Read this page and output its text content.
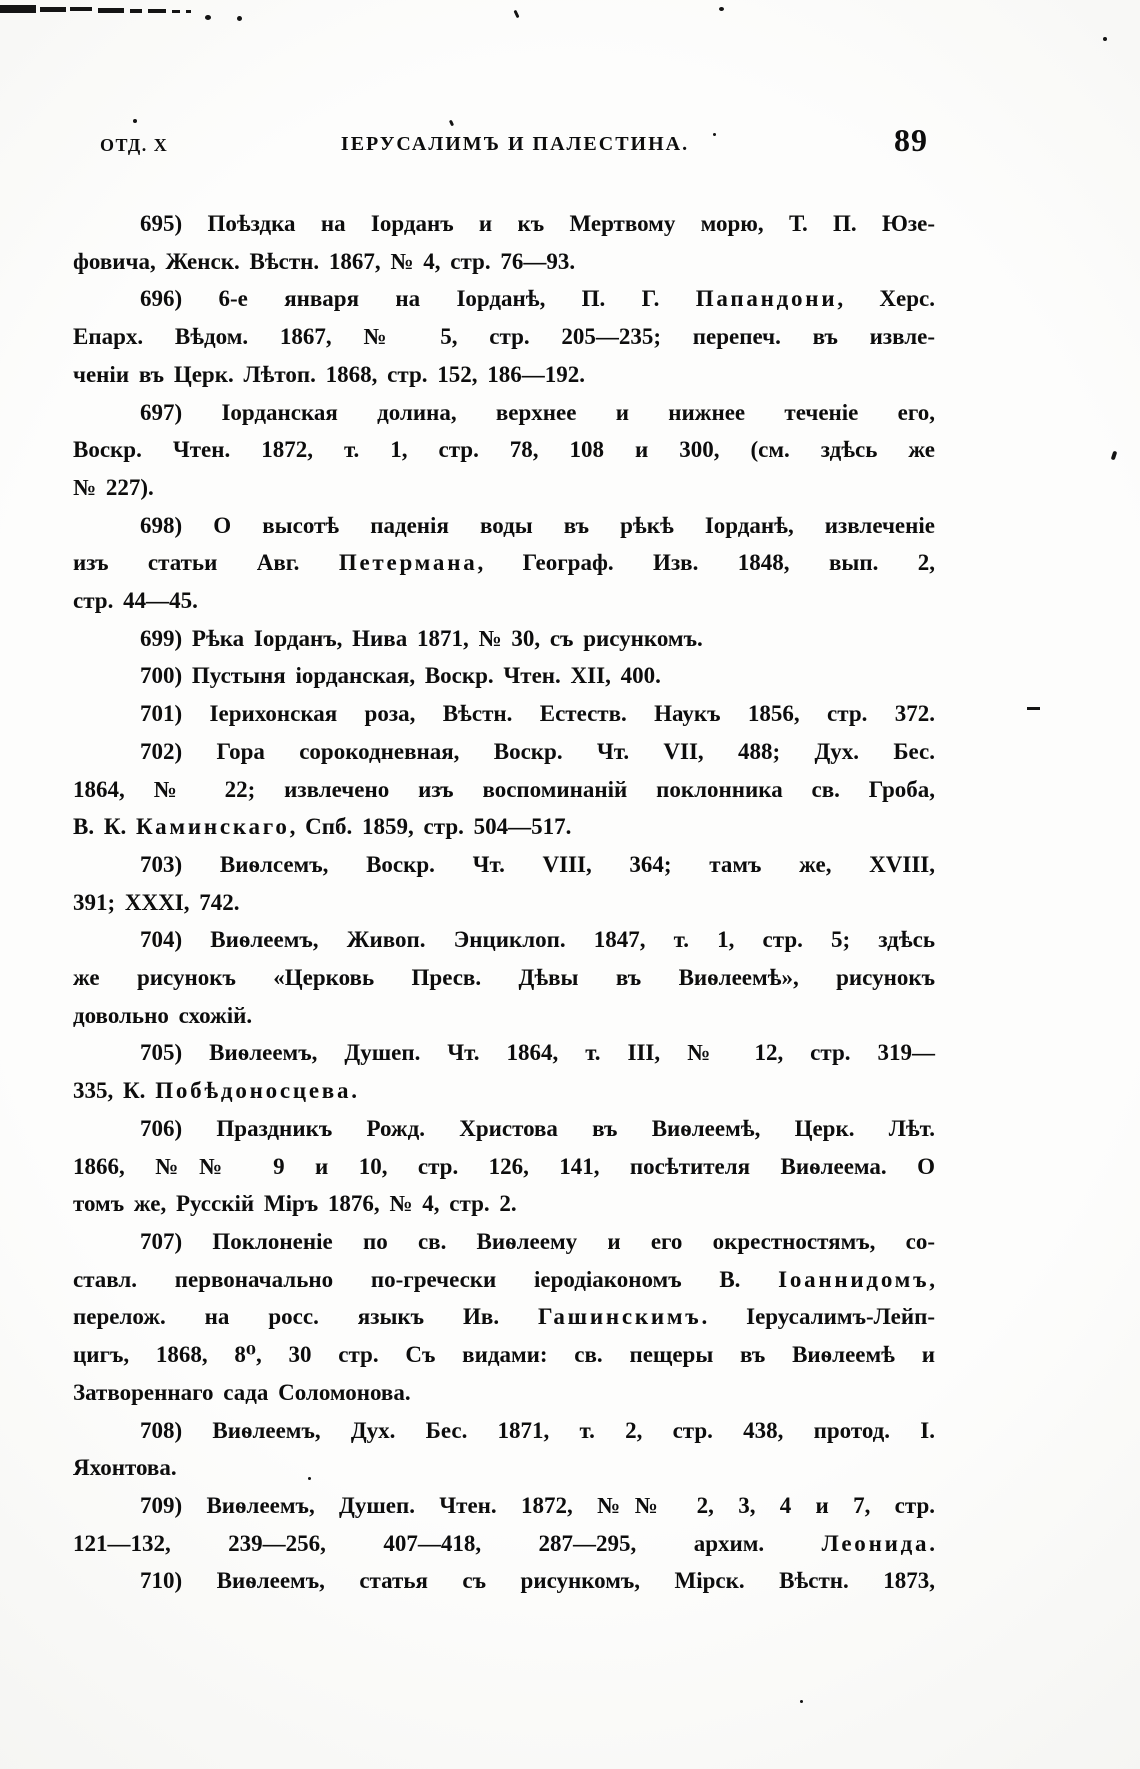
ОТД. X	ІЕРУСАЛИМЪ И ПАЛЕСТИНА.	89
695) Поѣздка на Іорданъ и къ Мертвому морю, Т. П. Юзе-
фовича, Женск. Вѣстн. 1867, № 4, стр. 76—93.
696) 6-е января на Іорданѣ, П. Г. Папандони, Херс.
Епарх. Вѣдом. 1867, № 5, стр. 205—235; перепеч. въ извле-
ченіи въ Церк. Лѣтоп. 1868, стр. 152, 186—192.
697) Іорданская долина, верхнее и нижнее теченіе его,
Воскр. Чтен. 1872, т. 1, стр. 78, 108 и 300, (см. здѣсь же
№ 227).
698) О высотѣ паденія воды въ рѣкѣ Іорданѣ, извлеченіе
изъ статьи Авг. Петермана, Географ. Изв. 1848, вып. 2,
стр. 44—45.
699) Рѣка Іорданъ, Нива 1871, № 30, съ рисункомъ.
700) Пустыня іорданская, Воскр. Чтен. XII, 400.
701) Іерихонская роза, Вѣстн. Естеств. Наукъ 1856, стр. 372.
702) Гора сорокодневная, Воскр. Чт. VII, 488; Дух. Бес.
1864, № 22; извлечено изъ воспоминаній поклонника св. Гроба,
В. К. Каминскаго, Спб. 1859, стр. 504—517.
703) Виѳлсемъ, Воскр. Чт. VIII, 364; тамъ же, XVIII,
391; XXXI, 742.
704) Виѳлеемъ, Живоп. Энциклоп. 1847, т. 1, стр. 5; здѣсь
же рисунокъ «Церковь Пресв. Дѣвы въ Виѳлеемѣ», рисунокъ
довольно схожій.
705) Виѳлеемъ, Душеп. Чт. 1864, т. III, № 12, стр. 319—
335, К. Побѣдоносцева.
706) Праздникъ Рожд. Христова въ Виѳлеемѣ, Церк. Лѣт.
1866, №№ 9 и 10, стр. 126, 141, посѣтителя Виѳлеема. О
томъ же, Русскій Міръ 1876, № 4, стр. 2.
707) Поклоненіе по св. Виѳлеему и его окрестностямъ, со-
ставл. первоначально по-гречески іеродіакономъ В. Іоаннидомъ,
перелож. на росс. языкъ Ив. Гашинскимъ. Іерусалимъ-Лейп-
цигъ, 1868, 8⁰, 30 стр. Съ видами: св. пещеры въ Виѳлеемѣ и
Затвореннаго сада Соломонова.
708) Виѳлеемъ, Дух. Бес. 1871, т. 2, стр. 438, протод. І.
Яхонтова.
709) Виѳлеемъ, Душеп. Чтен. 1872, №№ 2, 3, 4 и 7, стр.
121—132, 239—256, 407—418, 287—295, архим. Леонида.
710) Виѳлеемъ, статья съ рисункомъ, Мірск. Вѣстн. 1873,
